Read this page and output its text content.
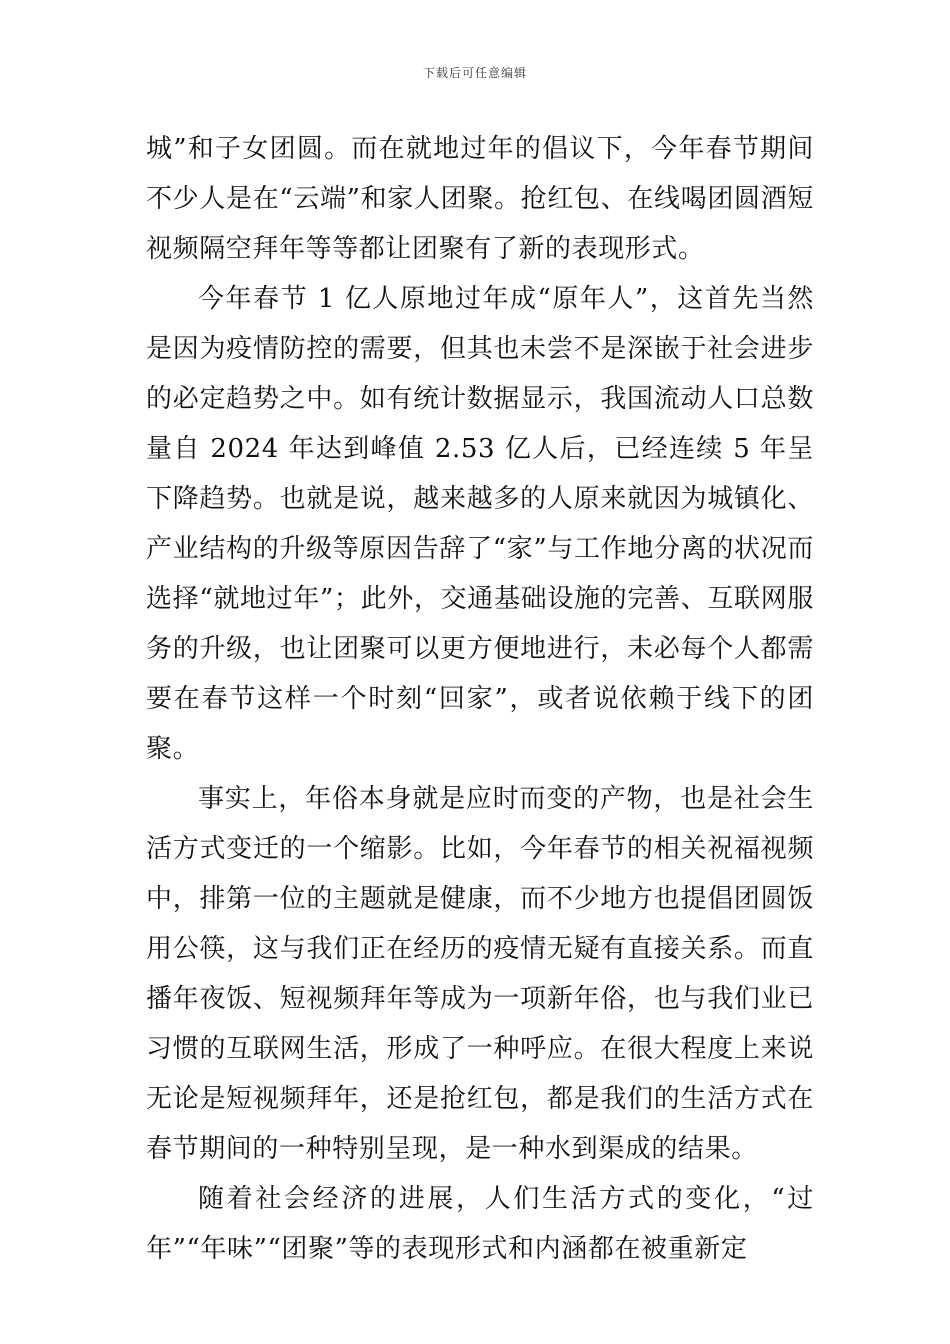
下载后可任意编辑

城”和子女团圆。而在就地过年的倡议下，今年春节期间不少人是在“云端”和家人团聚。抢红包、在线喝团圆酒短视频隔空拜年等等都让团聚有了新的表现形式。

今年春节 1 亿人原地过年成“原年人”，这首先当然是因为疫情防控的需要，但其也未尝不是深嵌于社会进步的必定趋势之中。如有统计数据显示，我国流动人口总数量自 2024 年达到峰值 2.53 亿人后，已经连续 5 年呈下降趋势。也就是说，越来越多的人原来就因为城镇化、产业结构的升级等原因告辞了“家”与工作地分离的状况而选择“就地过年”；此外，交通基础设施的完善、互联网服务的升级，也让团聚可以更方便地进行，未必每个人都需要在春节这样一个时刻“回家”，或者说依赖于线下的团聚。

事实上，年俗本身就是应时而变的产物，也是社会生活方式变迁的一个缩影。比如，今年春节的相关祝福视频中，排第一位的主题就是健康，而不少地方也提倡团圆饭用公筷，这与我们正在经历的疫情无疑有直接关系。而直播年夜饭、短视频拜年等成为一项新年俗，也与我们业已习惯的互联网生活，形成了一种呼应。在很大程度上来说无论是短视频拜年，还是抢红包，都是我们的生活方式在春节期间的一种特别呈现，是一种水到渠成的结果。

随着社会经济的进展，人们生活方式的变化，“过年”“年味”“团聚”等的表现形式和内涵都在被重新定
